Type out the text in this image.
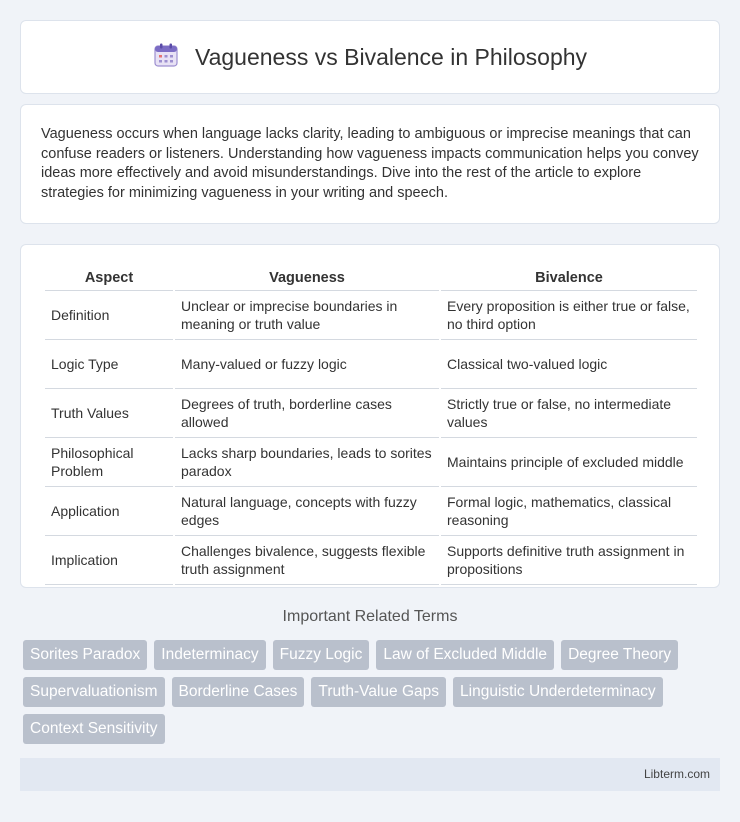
Vagueness vs Bivalence in Philosophy

Vagueness occurs when language lacks clarity, leading to ambiguous or imprecise meanings that can confuse readers or listeners. Understanding how vagueness impacts communication helps you convey ideas more effectively and avoid misunderstandings. Dive into the rest of the article to explore strategies for minimizing vagueness in your writing and speech.

Aspect	Vagueness	Bivalence
Definition	Unclear or imprecise boundaries in meaning or truth value	Every proposition is either true or false, no third option
Logic Type	Many-valued or fuzzy logic	Classical two-valued logic
Truth Values	Degrees of truth, borderline cases allowed	Strictly true or false, no intermediate values
Philosophical Problem	Lacks sharp boundaries, leads to sorites paradox	Maintains principle of excluded middle
Application	Natural language, concepts with fuzzy edges	Formal logic, mathematics, classical reasoning
Implication	Challenges bivalence, suggests flexible truth assignment	Supports definitive truth assignment in propositions
Important Related Terms
Sorites Paradox	Indeterminacy	Fuzzy Logic	Law of Excluded Middle	Degree Theory
Supervaluationism	Borderline Cases	Truth-Value Gaps	Linguistic Underdeterminacy
Context Sensitivity
Libterm.com
